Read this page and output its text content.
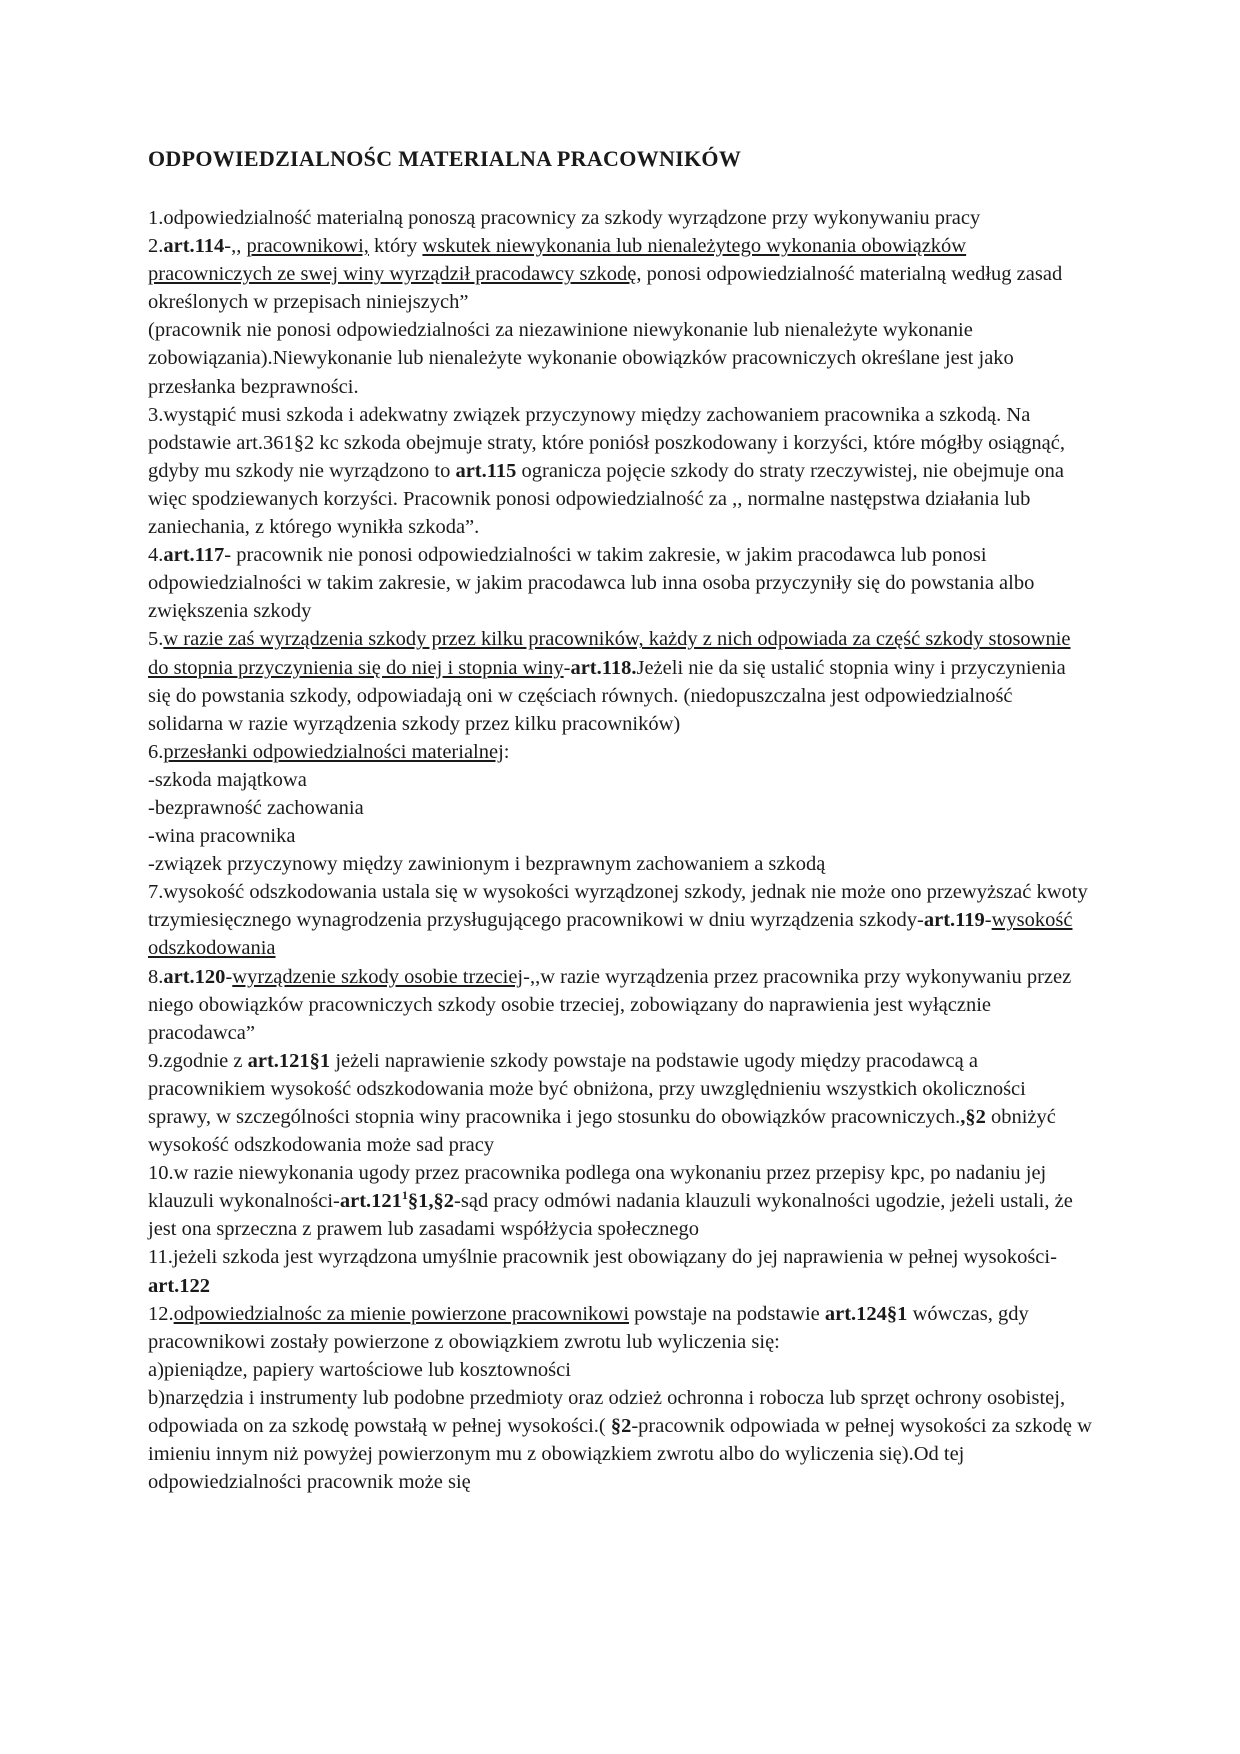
ODPOWIEDZIALNOŚC MATERIALNA PRACOWNIKÓW

1.odpowiedzialność materialną ponoszą pracownicy za szkody wyrządzone przy wykonywaniu pracy

2.art.114-,, pracownikowi, który wskutek niewykonania lub nienależytego wykonania obowiązków pracowniczych ze swej winy wyrządził pracodawcy szkodę, ponosi odpowiedzialność materialną według zasad określonych w przepisach niniejszych”

(pracownik nie ponosi odpowiedzialności za niezawinione niewykonanie lub nienależyte wykonanie zobowiązania).Niewykonanie lub nienależyte wykonanie obowiązków pracowniczych określane jest jako przesłanka bezprawności.

3.wystąpić musi szkoda i adekwatny związek przyczynowy między zachowaniem pracownika a szkodą. Na podstawie art.361§2 kc szkoda obejmuje straty, które poniósł poszkodowany i korzyści, które mógłby osiągnąć, gdyby mu szkody nie wyrządzono to art.115 ogranicza pojęcie szkody do straty rzeczywistej, nie obejmuje ona więc spodziewanych korzyści. Pracownik ponosi odpowiedzialność za ,, normalne następstwa działania lub zaniechania, z którego wynikła szkoda”.

4.art.117- pracownik nie ponosi odpowiedzialności w takim zakresie, w jakim pracodawca lub ponosi odpowiedzialności w takim zakresie, w jakim pracodawca lub inna osoba przyczyniły się do powstania albo zwiększenia szkody

5.w razie zaś wyrządzenia szkody przez kilku pracowników, każdy z nich odpowiada za część szkody stosownie do stopnia przyczynienia się do niej i stopnia winy-art.118.Jeżeli nie da się ustalić stopnia winy i przyczynienia się do powstania szkody, odpowiadają oni w częściach równych. (niedopuszczalna jest odpowiedzialność solidarna w razie wyrządzenia szkody przez kilku pracowników)

6.przesłanki odpowiedzialności materialnej:

-szkoda majątkowa

-bezprawność zachowania

-wina pracownika

-związek przyczynowy między zawinionym i bezprawnym zachowaniem a szkodą

7.wysokość odszkodowania ustala się w wysokości wyrządzonej szkody, jednak nie może ono przewyższać kwoty trzymiesięcznego wynagrodzenia przysługującego pracownikowi w dniu wyrządzenia szkody-art.119-wysokość odszkodowania

8.art.120-wyrządzenie szkody osobie trzeciej-,,w razie wyrządzenia przez pracownika przy wykonywaniu przez niego obowiązków pracowniczych szkody osobie trzeciej, zobowiązany do naprawienia jest wyłącznie pracodawca”

9.zgodnie z art.121§1 jeżeli naprawienie szkody powstaje na podstawie ugody między pracodawcą a pracownikiem wysokość odszkodowania może być obniżona, przy uwzględnieniu wszystkich okoliczności sprawy, w szczególności stopnia winy pracownika i jego stosunku do obowiązków pracowniczych.,§2 obniżyć wysokość odszkodowania może sad pracy

10.w razie niewykonania ugody przez pracownika podlega ona wykonaniu przez przepisy kpc, po nadaniu jej klauzuli wykonalności-art.121$^1$§1,§2-sąd pracy odmówi nadania klauzuli wykonalności ugodzie, jeżeli ustali, że jest ona sprzeczna z prawem lub zasadami współżycia społecznego

11.jeżeli szkoda jest wyrządzona umyślnie pracownik jest obowiązany do jej naprawienia w pełnej wysokości-art.122

12.odpowiedzialnośc za mienie powierzone pracownikowi powstaje na podstawie art.124§1 wówczas, gdy pracownikowi zostały powierzone z obowiązkiem zwrotu lub wyliczenia się:

a)pieniądze, papiery wartościowe lub kosztowności

b)narzędzia i instrumenty lub podobne przedmioty oraz odzież ochronna i robocza lub sprzęt ochrony osobistej, odpowiada on za szkodę powstałą w pełnej wysokości.( §2-pracownik odpowiada w pełnej wysokości za szkodę w imieniu innym niż powyżej powierzonym mu z obowiązkiem zwrotu albo do wyliczenia się).Od tej odpowiedzialności pracownik może się
